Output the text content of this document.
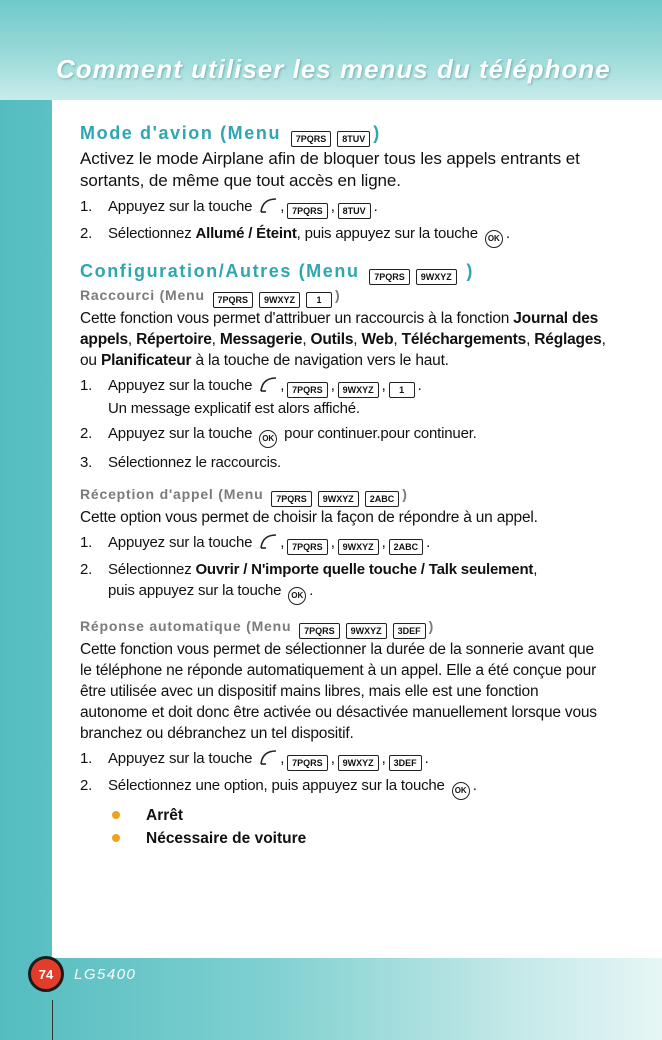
Comment utiliser les menus du téléphone
Mode d'avion (Menu 7PQRS 8TUV )

Activez le mode Airplane afin de bloquer tous les appels entrants et sortants, de même que tout accès en ligne.

1. Appuyez sur la touche , 7PQRS , 8TUV .
2. Sélectionnez Allumé / Éteint, puis appuyez sur la touche OK .
Configuration/Autres (Menu 7PQRS 9WXYZ )
Raccourci (Menu 7PQRS 9WXYZ 1 )

Cette fonction vous permet d'attribuer un raccourcis à la fonction Journal des appels, Répertoire, Messagerie, Outils, Web, Téléchargements, Réglages, ou Planificateur à la touche de navigation vers le haut.

1. Appuyez sur la touche , 7PQRS , 9WXYZ , 1 .
Un message explicatif est alors affiché.
2. Appuyez sur la touche OK pour continuer.pour continuer.
3. Sélectionnez le raccourcis.
Réception d'appel (Menu 7PQRS 9WXYZ 2ABC )

Cette option vous permet de choisir la façon de répondre à un appel.

1. Appuyez sur la touche , 7PQRS , 9WXYZ , 2ABC .
2. Sélectionnez Ouvrir / N'importe quelle touche / Talk seulement,
puis appuyez sur la touche OK .
Réponse automatique (Menu 7PQRS 9WXYZ 3DEF )

Cette fonction vous permet de sélectionner la durée de la sonnerie avant que le téléphone ne réponde automatiquement à un appel. Elle a été conçue pour être utilisée avec un dispositif mains libres, mais elle est une fonction autonome et doit donc être activée ou désactivée manuellement lorsque vous branchez ou débranchez un tel dispositif.

1. Appuyez sur la touche , 7PQRS , 9WXYZ , 3DEF .
2. Sélectionnez une option, puis appuyez sur la touche OK .
Arrêt
Nécessaire de voiture
74	LG5400
